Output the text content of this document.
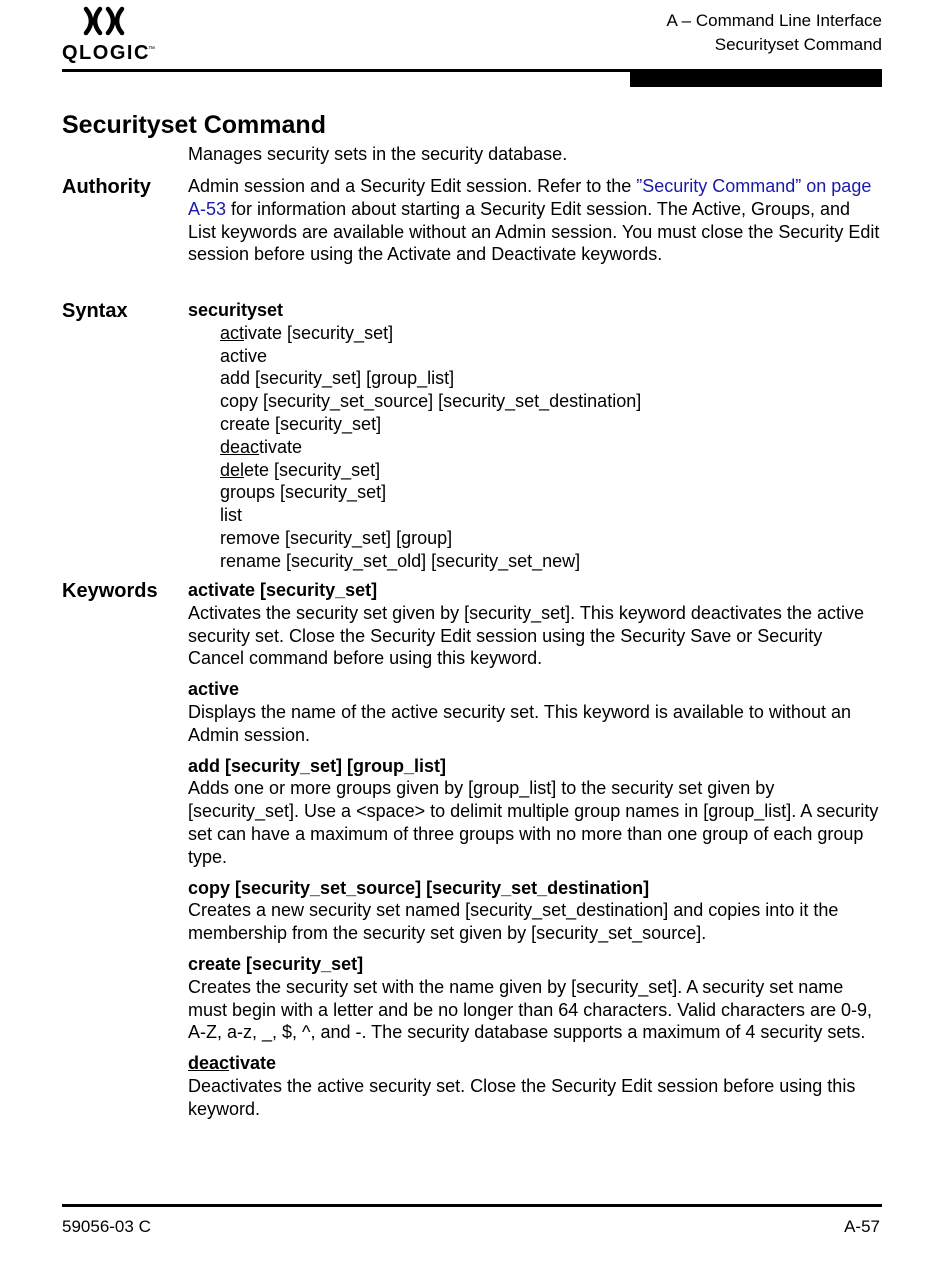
QLOGIC
™
A – Command Line Interface
Securityset Command
Securityset Command

Manages security sets in the security database.

Authority Admin session and a Security Edit session. Refer to the ”Security Command” on page A-53 for information about starting a Security Edit session. The Active, Groups, and List keywords are available without an Admin session. You must close the Security Edit session before using the Activate and Deactivate keywords.

Syntax	securityset
activate [security_set]
active
add [security_set] [group_list]
copy [security_set_source] [security_set_destination]
create [security_set]
deactivate
delete [security_set]
groups [security_set]
list
remove [security_set] [group]
rename [security_set_old] [security_set_new]
Keywords activate [security_set]

Activates the security set given by [security_set]. This keyword deactivates the active security set. Close the Security Edit session using the Security Save or Security Cancel command before using this keyword.

active

Displays the name of the active security set. This keyword is available to without an Admin session.

add [security_set] [group_list]

Adds one or more groups given by [group_list] to the security set given by [security_set]. Use a <space> to delimit multiple group names in [group_list]. A security set can have a maximum of three groups with no more than one group of each group type.

copy [security_set_source] [security_set_destination]

Creates a new security set named [security_set_destination] and copies into it the membership from the security set given by [security_set_source].

create [security_set]

Creates the security set with the name given by [security_set]. A security set name must begin with a letter and be no longer than 64 characters. Valid characters are 0-9, A-Z, a-z, _, $, ^, and -. The security database supports a maximum of 4 security sets.

deactivate

Deactivates the active security set. Close the Security Edit session before using this keyword.

59056-03 C	A-57
